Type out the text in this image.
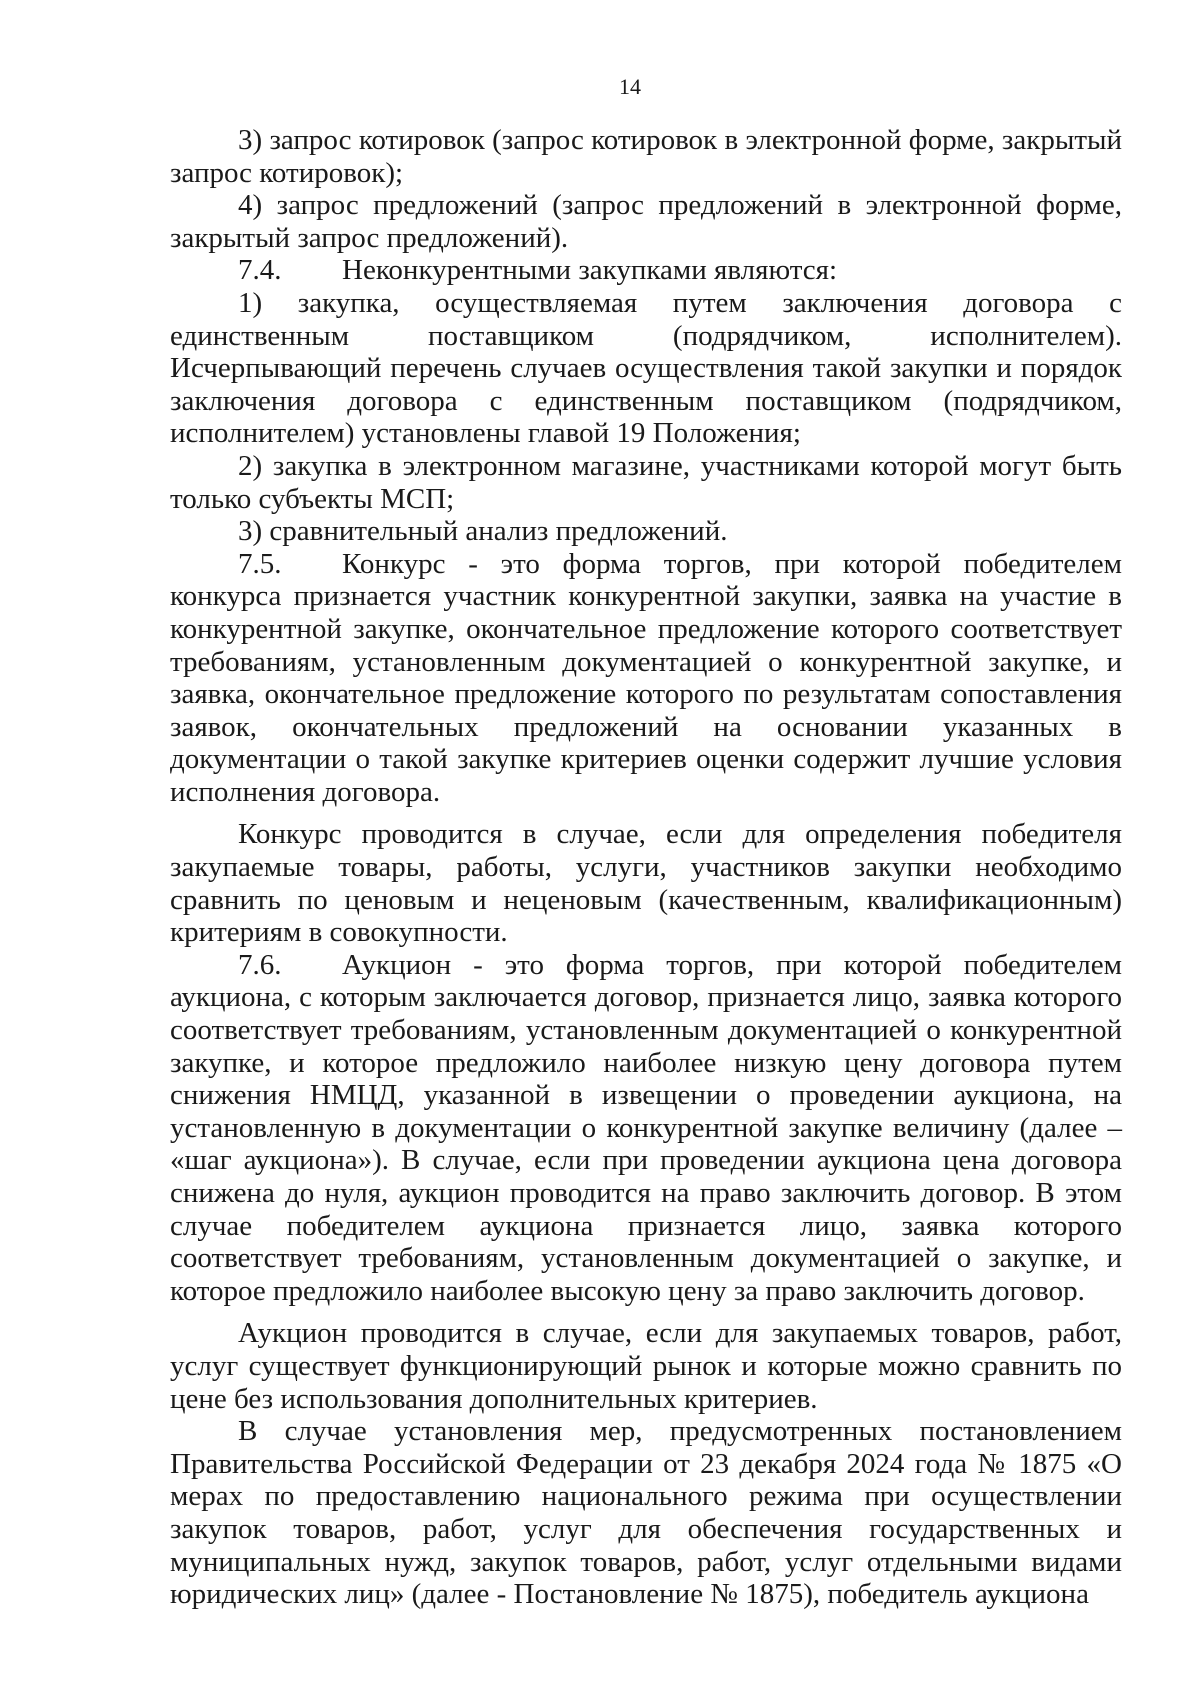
14

3) запрос котировок (запрос котировок в электронной форме, закрытый запрос котировок);

4) запрос предложений (запрос предложений в электронной форме, закрытый запрос предложений).

7.4. Неконкурентными закупками являются:

1) закупка, осуществляемая путем заключения договора с единственным поставщиком (подрядчиком, исполнителем). Исчерпывающий перечень случаев осуществления такой закупки и порядок заключения договора с единственным поставщиком (подрядчиком, исполнителем) установлены главой 19 Положения;

2) закупка в электронном магазине, участниками которой могут быть только субъекты МСП;

3) сравнительный анализ предложений.

7.5. Конкурс - это форма торгов, при которой победителем конкурса признается участник конкурентной закупки, заявка на участие в конкурентной закупке, окончательное предложение которого соответствует требованиям, установленным документацией о конкурентной закупке, и заявка, окончательное предложение которого по результатам сопоставления заявок, окончательных предложений на основании указанных в документации о такой закупке критериев оценки содержит лучшие условия исполнения договора.

Конкурс проводится в случае, если для определения победителя закупаемые товары, работы, услуги, участников закупки необходимо сравнить по ценовым и неценовым (качественным, квалификационным) критериям в совокупности.

7.6. Аукцион - это форма торгов, при которой победителем аукциона, с которым заключается договор, признается лицо, заявка которого соответствует требованиям, установленным документацией о конкурентной закупке, и которое предложило наиболее низкую цену договора путем снижения НМЦД, указанной в извещении о проведении аукциона, на установленную в документации о конкурентной закупке величину (далее – «шаг аукциона»). В случае, если при проведении аукциона цена договора снижена до нуля, аукцион проводится на право заключить договор. В этом случае победителем аукциона признается лицо, заявка которого соответствует требованиям, установленным документацией о закупке, и которое предложило наиболее высокую цену за право заключить договор.

Аукцион проводится в случае, если для закупаемых товаров, работ, услуг существует функционирующий рынок и которые можно сравнить по цене без использования дополнительных критериев.

В случае установления мер, предусмотренных постановлением Правительства Российской Федерации от 23 декабря 2024 года № 1875 «О мерах по предоставлению национального режима при осуществлении закупок товаров, работ, услуг для обеспечения государственных и муниципальных нужд, закупок товаров, работ, услуг отдельными видами юридических лиц» (далее - Постановление № 1875), победитель аукциона
